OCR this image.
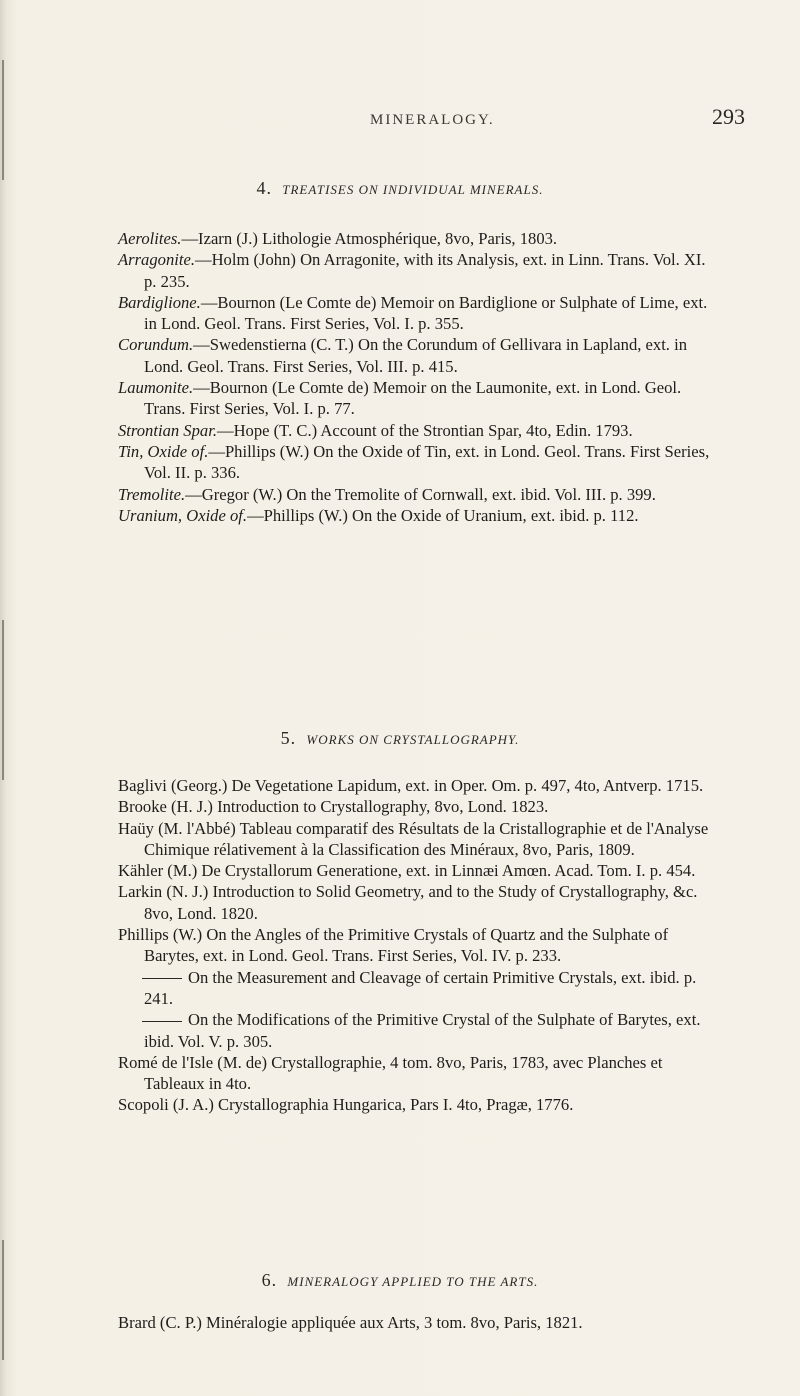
MINERALOGY.	293
4. TREATISES ON INDIVIDUAL MINERALS.

Aerolites.—Izarn (J.) Lithologie Atmosphérique, 8vo, Paris, 1803.

Arragonite.—Holm (John) On Arragonite, with its Analysis, ext. in Linn. Trans. Vol. XI. p. 235.

Bardiglione.—Bournon (Le Comte de) Memoir on Bardiglione or Sulphate of Lime, ext. in Lond. Geol. Trans. First Series, Vol. I. p. 355.

Corundum.—Swedenstierna (C. T.) On the Corundum of Gellivara in Lapland, ext. in Lond. Geol. Trans. First Series, Vol. III. p. 415.

Laumonite.—Bournon (Le Comte de) Memoir on the Laumonite, ext. in Lond. Geol. Trans. First Series, Vol. I. p. 77.

Strontian Spar.—Hope (T. C.) Account of the Strontian Spar, 4to, Edin. 1793.

Tin, Oxide of.—Phillips (W.) On the Oxide of Tin, ext. in Lond. Geol. Trans. First Series, Vol. II. p. 336.

Tremolite.—Gregor (W.) On the Tremolite of Cornwall, ext. ibid. Vol. III. p. 399.

Uranium, Oxide of.—Phillips (W.) On the Oxide of Uranium, ext. ibid. p. 112.

5. WORKS ON CRYSTALLOGRAPHY.

Baglivi (Georg.) De Vegetatione Lapidum, ext. in Oper. Om. p. 497, 4to, Antverp. 1715.

Brooke (H. J.) Introduction to Crystallography, 8vo, Lond. 1823.

Haüy (M. l'Abbé) Tableau comparatif des Résultats de la Cristallographie et de l'Analyse Chimique rélativement à la Classification des Minéraux, 8vo, Paris, 1809.

Kähler (M.) De Crystallorum Generatione, ext. in Linnæi Amœn. Acad. Tom. I. p. 454.

Larkin (N. J.) Introduction to Solid Geometry, and to the Study of Crystallography, &c. 8vo, Lond. 1820.

Phillips (W.) On the Angles of the Primitive Crystals of Quartz and the Sulphate of Barytes, ext. in Lond. Geol. Trans. First Series, Vol. IV. p. 233.

On the Measurement and Cleavage of certain Primitive Crystals, ext. ibid. p. 241.

On the Modifications of the Primitive Crystal of the Sulphate of Barytes, ext. ibid. Vol. V. p. 305.

Romé de l'Isle (M. de) Crystallographie, 4 tom. 8vo, Paris, 1783, avec Planches et Tableaux in 4to.

Scopoli (J. A.) Crystallographia Hungarica, Pars I. 4to, Pragæ, 1776.

6. MINERALOGY APPLIED TO THE ARTS.

Brard (C. P.) Minéralogie appliquée aux Arts, 3 tom. 8vo, Paris, 1821.
